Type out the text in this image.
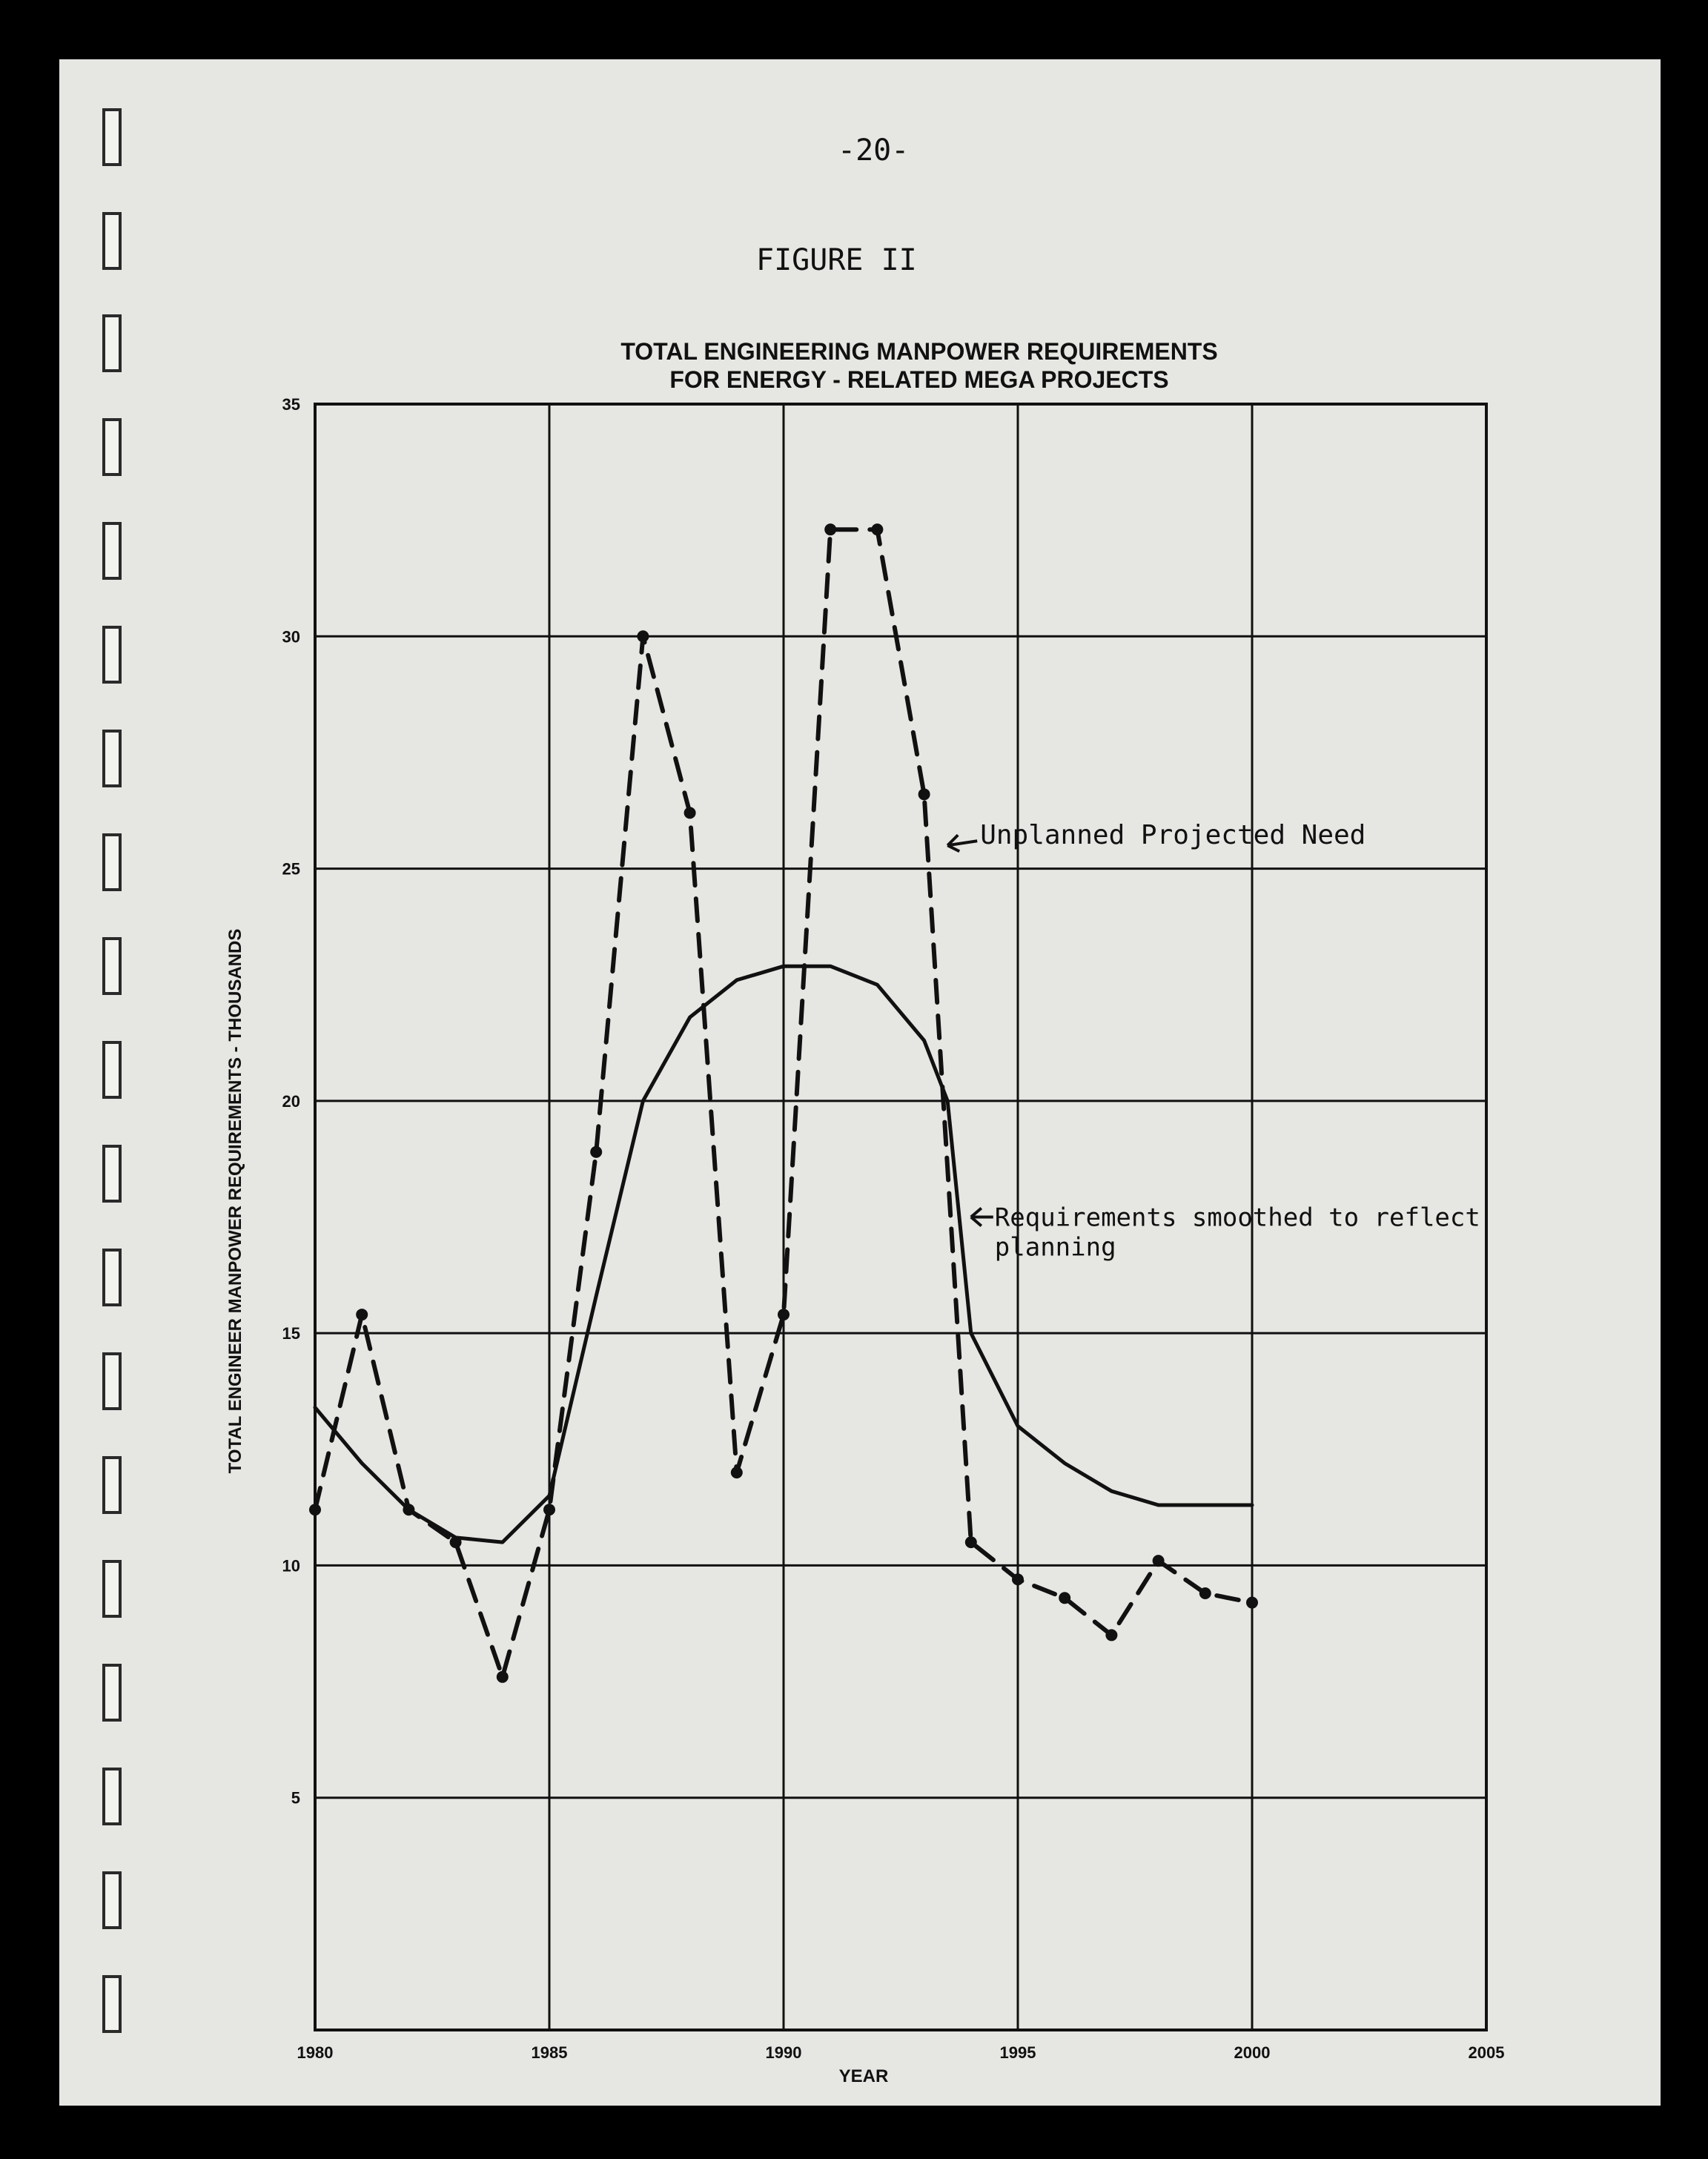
-20-
FIGURE II
TOTAL ENGINEERING MANPOWER REQUIREMENTS
FOR ENERGY - RELATED MEGA PROJECTS
1980	1985	1990	1995	2000	2005
5
10
15
20
25
30
35
YEAR
TOTAL ENGINEER MANPOWER REQUIREMENTS - THOUSANDS
Unplanned Projected Need
Requirements smoothed to reflect
planning
